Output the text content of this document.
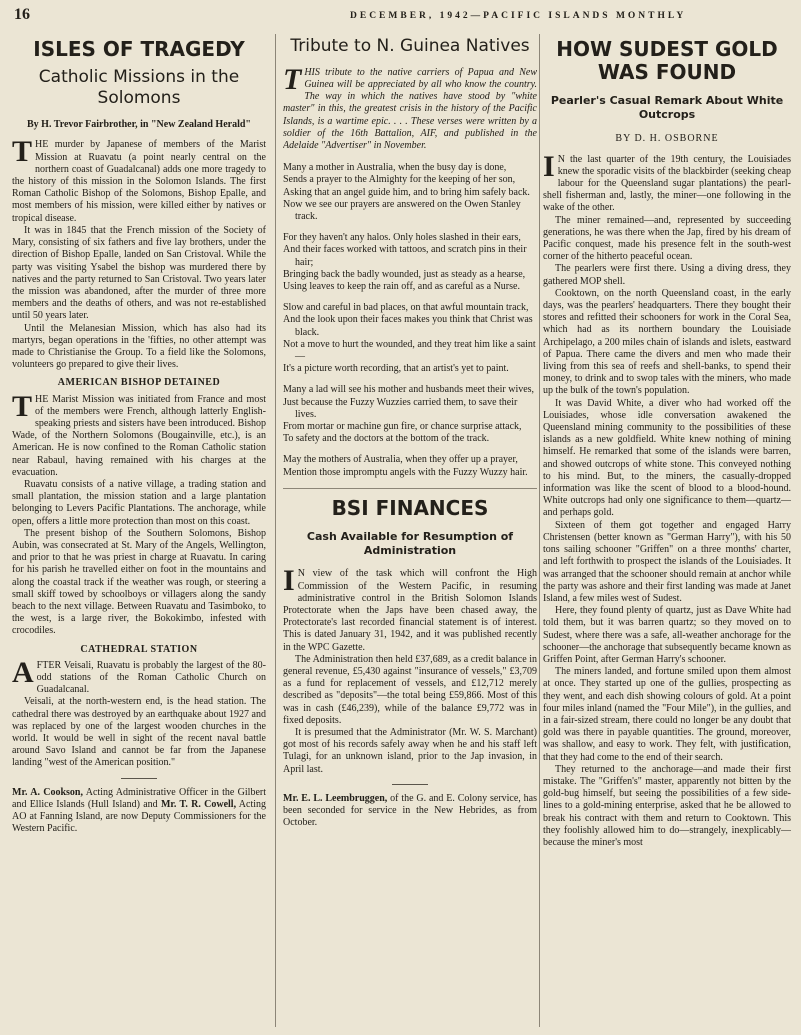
16	DECEMBER, 1942—PACIFIC ISLANDS MONTHLY
ISLES OF TRAGEDY
Catholic Missions in the Solomons
By H. Trevor Fairbrother, in "New Zealand Herald"

THE murder by Japanese of members of the Marist Mission at Ruavatu (a point nearly central on the northern coast of Guadalcanal) adds one more tragedy to the history of this mission in the Solomon Islands. The first Roman Catholic Bishop of the Solomons, Bishop Epalle, and most members of his mission, were killed either by natives or tropical disease.

It was in 1845 that the French mission of the Society of Mary, consisting of six fathers and five lay brothers, under the direction of Bishop Epalle, landed on San Cristoval. While the party was visiting Ysabel the bishop was murdered there by natives and the party returned to San Cristoval. Two years later the mission was abandoned, after the murder of three more members and the deaths of others, and was not re-established until 50 years later.

Until the Melanesian Mission, which has also had its martyrs, began operations in the 'fifties, no other attempt was made to Christianise the Group. To a field like the Solomons, volunteers go prepared to give their lives.

AMERICAN BISHOP DETAINED

THE Marist Mission was initiated from France and most of the members were French, although latterly English-speaking priests and sisters have been introduced. Bishop Wade, of the Northern Solomons (Bougainville, etc.), is an American. He is now confined to the Roman Catholic station near Rabaul, having remained with his charges at the evacuation.

Ruavatu consists of a native village, a trading station and small plantation, the mission station and a large plantation belonging to Levers Pacific Plantations. The anchorage, while open, offers a little more protection than most on this coast.

The present bishop of the Southern Solomons, Bishop Aubin, was consecrated at St. Mary of the Angels, Wellington, and prior to that he was priest in charge at Ruavatu. In caring for his parish he travelled either on foot in the mountains and along the coastal track if the weather was rough, or steering a small skiff towed by schoolboys or villagers along the sandy beach to the next village. Between Ruavatu and Tasimboko, to the west, is a large river, the Bokokimbo, infested with crocodiles.

CATHEDRAL STATION

AFTER Veisali, Ruavatu is probably the largest of the 80-odd stations of the Roman Catholic Church on Guadalcanal.

Veisali, at the north-western end, is the head station. The cathedral there was destroyed by an earthquake about 1927 and was replaced by one of the largest wooden churches in the world. It would be well in sight of the recent naval battle around Savo Island and cannot be far from the Japanese landing "west of the American position."

Mr. A. Cookson, Acting Administrative Officer in the Gilbert and Ellice Islands (Hull Island) and Mr. T. R. Cowell, Acting AO at Fanning Island, are now Deputy Commissioners for the Western Pacific.
Tribute to N. Guinea Natives
THIS tribute to the native carriers of Papua and New Guinea will be appreciated by all who know the country. The way in which the natives have stood by "white master" in this, the greatest crisis in the history of the Pacific Islands, is a wartime epic. . . . These verses were written by a soldier of the 16th Battalion, AIF, and published in the Adelaide "Advertiser" in November.
Many a mother in Australia, when the busy day is done,
Sends a prayer to the Almighty for the keeping of her son,
Asking that an angel guide him, and to bring him safely back.
Now we see our prayers are answered on the Owen Stanley track.
For they haven't any halos. Only holes slashed in their ears,
And their faces worked with tattoos, and scratch pins in their hair;
Bringing back the badly wounded, just as steady as a hearse,
Using leaves to keep the rain off, and as careful as a Nurse.
Slow and careful in bad places, on that awful mountain track,
And the look upon their faces makes you think that Christ was black.
Not a move to hurt the wounded, and they treat him like a saint—
It's a picture worth recording, that an artist's yet to paint.
Many a lad will see his mother and husbands meet their wives,
Just because the Fuzzy Wuzzies carried them, to save their lives.
From mortar or machine gun fire, or chance surprise attack,
To safety and the doctors at the bottom of the track.
May the mothers of Australia, when they offer up a prayer,
Mention those impromptu angels with the Fuzzy Wuzzy hair.
BSI FINANCES
Cash Available for Resumption of Administration

I N view of the task which will confront the High Commission of the Western Pacific, in resuming administrative control in the British Solomon Islands Protectorate when the Japs have been chased away, the Protectorate's last recorded financial statement is of interest. This is dated January 31, 1942, and it was published recently in the WPC Gazette.

The Administration then held £37,689, as a credit balance in general revenue, £5,430 against "insurance of vessels," £3,709 as a fund for replacement of vessels, and £12,712 merely described as "deposits"—the total being £59,866. Most of this was in cash (£46,239), while of the balance £9,772 was in fixed deposits.

It is presumed that the Administrator (Mr. W. S. Marchant) got most of his records safely away when he and his staff left Tulagi, for an unknown island, prior to the Jap invasion, in April last.

Mr. E. L. Leembruggen, of the G. and E. Colony service, has been seconded for service in the New Hebrides, as from October.
HOW SUDEST GOLD WAS FOUND
Pearler's Casual Remark About White Outcrops
BY D. H. OSBORNE

I N the last quarter of the 19th century, the Louisiades knew the sporadic visits of the blackbirder (seeking cheap labour for the Queensland sugar plantations) the pearl-shell fisherman and, lastly, the miner—one following in the wake of the other.

The miner remained—and, represented by succeeding generations, he was there when the Jap, fired by his dream of Pacific conquest, made his presence felt in the south-west corner of the hitherto peaceful ocean.

The pearlers were first there. Using a diving dress, they gathered MOP shell.

Cooktown, on the north Queensland coast, in the early days, was the pearlers' headquarters. There they bought their stores and refitted their schooners for work in the Coral Sea, which had as its northern boundary the Louisiade Archipelago, a 200 miles chain of islands and islets, eastward of Papua. There came the divers and men who made their living from this sea of reefs and shell-banks, to spend their money, to drink and to swop tales with the miners, who made up the bulk of the town's population.

It was David White, a diver who had worked off the Louisiades, whose idle conversation awakened the Queensland mining community to the possibilities of these islands as a new goldfield. White knew nothing of mining himself. He remarked that some of the islands were barren, and showed outcrops of white stone. This conveyed nothing to his mind. But, to the miners, the casually-dropped information was like the scent of blood to a blood-hound. White outcrops had only one significance to them—quartz—and perhaps gold.

Sixteen of them got together and engaged Harry Christensen (better known as "German Harry"), with his 50 tons sailing schooner "Griffen" on a three months' charter, and left forthwith to prospect the islands of the Louisiades. It was arranged that the schooner should remain at anchor while the party was ashore and their first landing was made at Janet Island, a few miles west of Sudest.

Here, they found plenty of quartz, just as Dave White had told them, but it was barren quartz; so they moved on to Sudest, where there was a safe, all-weather anchorage for the schooner—the anchorage that subsequently became known as Griffen Point, after German Harry's schooner.

The miners landed, and fortune smiled upon them almost at once. They started up one of the gullies, prospecting as they went, and each dish showing colours of gold. At a point four miles inland (named the "Four Mile"), in the gullies, and in a fair-sized stream, there could no longer be any doubt that gold was there in payable quantities. The ground, moreover, was shallow, and easy to work. They felt, with justification, that they had come to the end of their search.

They returned to the anchorage—and made their first mistake. The "Griffen's" master, apparently not bitten by the gold-bug himself, but seeing the possibilities of a few side-lines to a gold-mining enterprise, asked that he be allowed to break his contract with them and return to Cooktown. This they foolishly allowed him to do—strangely, inexplicably—because the miner's most
